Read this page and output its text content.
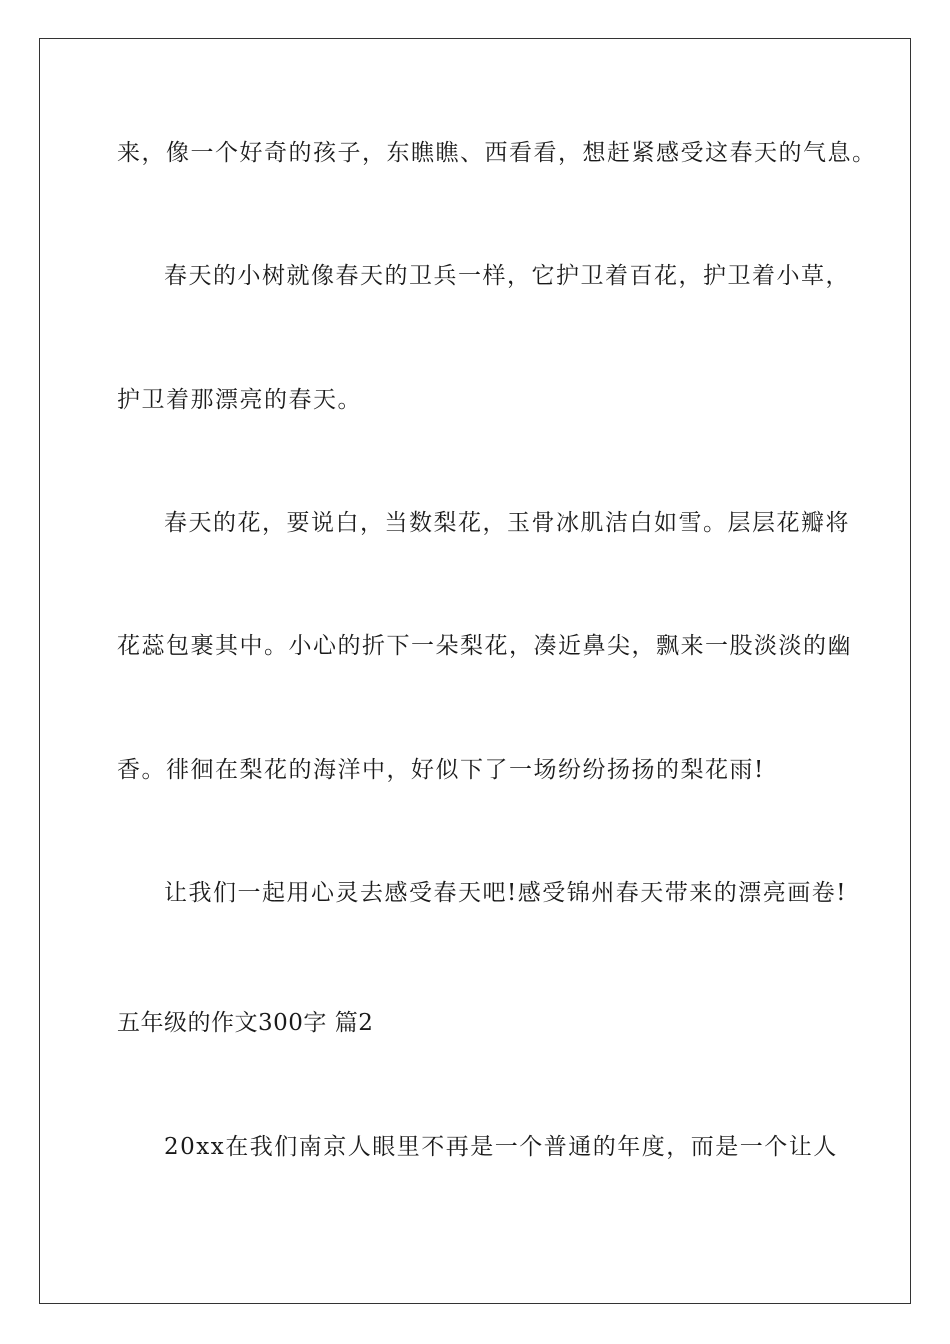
来，像一个好奇的孩子，东瞧瞧、西看看，想赶紧感受这春天的气息。

春天的小树就像春天的卫兵一样，它护卫着百花，护卫着小草，

护卫着那漂亮的春天。

春天的花，要说白，当数梨花，玉骨冰肌洁白如雪。层层花瓣将

花蕊包裹其中。小心的折下一朵梨花，凑近鼻尖，飘来一股淡淡的幽

香。徘徊在梨花的海洋中，好似下了一场纷纷扬扬的梨花雨!

让我们一起用心灵去感受春天吧!感受锦州春天带来的漂亮画卷!

五年级的作文300字 篇2

20xx在我们南京人眼里不再是一个普通的年度，而是一个让人
